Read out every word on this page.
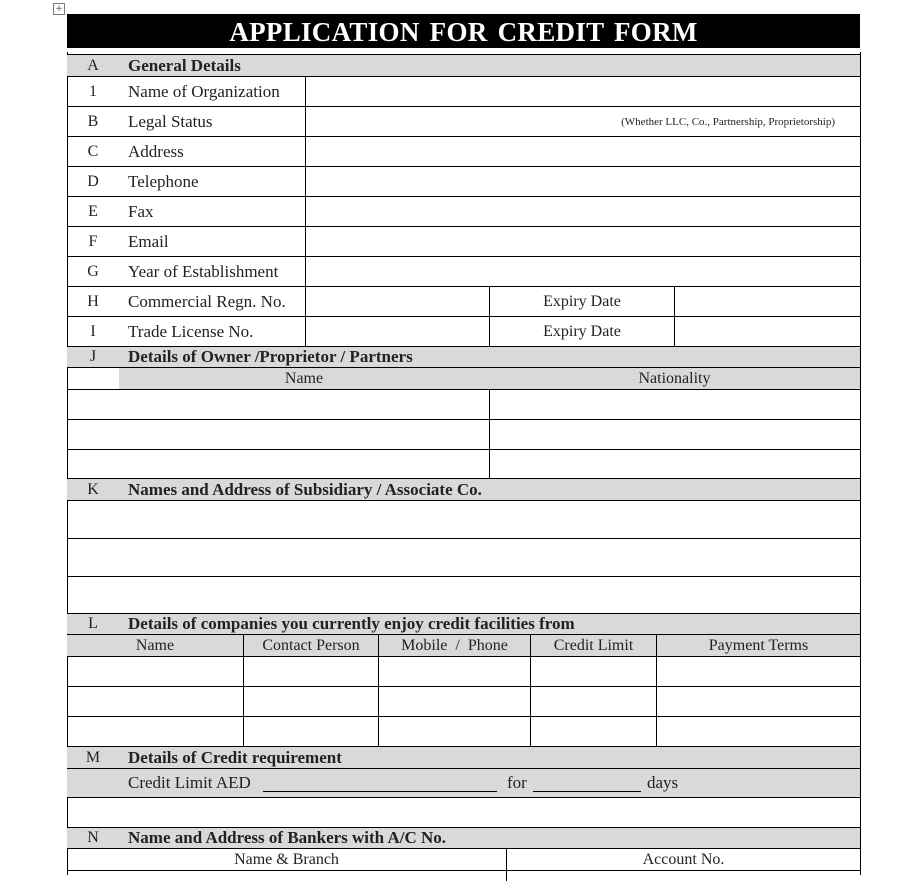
+
APPLICATION FOR CREDIT FORM
A	General Details
1	Name of Organization
B	Legal Status	(Whether LLC, Co., Partnership, Proprietorship)
C	Address
D	Telephone
E	Fax
F	Email
G	Year of Establishment
H	Commercial Regn. No.	Expiry Date
I	Trade License No.	Expiry Date
J	Details of Owner /Proprietor / Partners
Name	Nationality
K	Names and Address of Subsidiary / Associate Co.
L	Details of companies you currently enjoy credit facilities from
Name	Contact Person	Mobile  /  Phone	Credit Limit	Payment Terms
M	Details of Credit requirement
Credit Limit AED	for	days
N	Name and Address of Bankers with A/C No.
Name & Branch	Account No.
